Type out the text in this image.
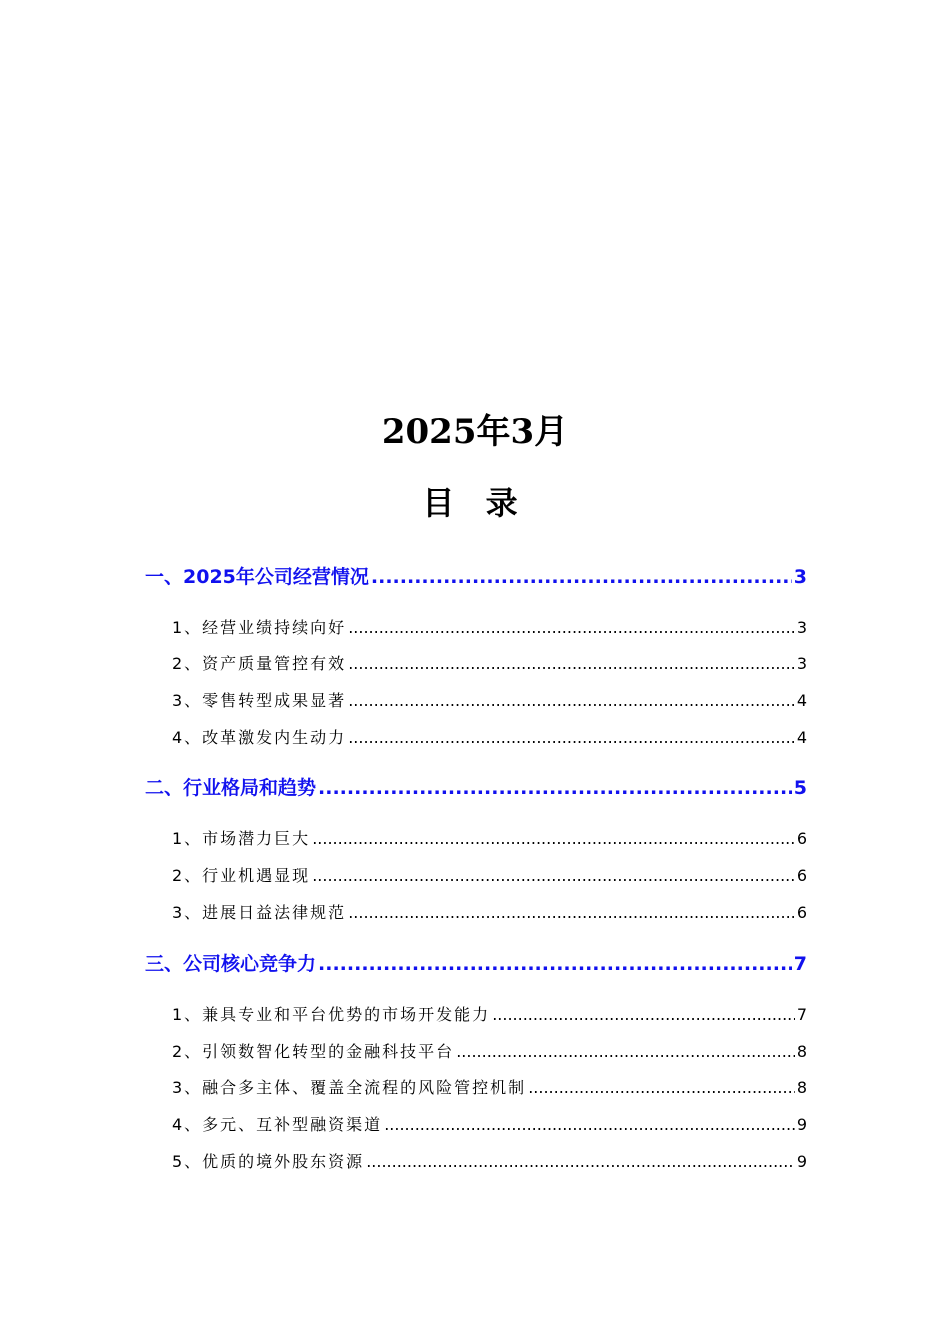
2025年3月
目 录
一、2025年公司经营情况 .....	3
1、经营业绩持续向好 .....	3
2、资产质量管控有效 .....	3
3、零售转型成果显著 .....	4
4、改革激发内生动力 .....	4
二、行业格局和趋势 .....	5
1、市场潜力巨大 .....	6
2、行业机遇显现 .....	6
3、进展日益法律规范 .....	6
三、公司核心竞争力 .....	7
1、兼具专业和平台优势的市场开发能力 .....	7
2、引领数智化转型的金融科技平台 .....	8
3、融合多主体、覆盖全流程的风险管控机制 .....	8
4、多元、互补型融资渠道 .....	9
5、优质的境外股东资源 .....	9
